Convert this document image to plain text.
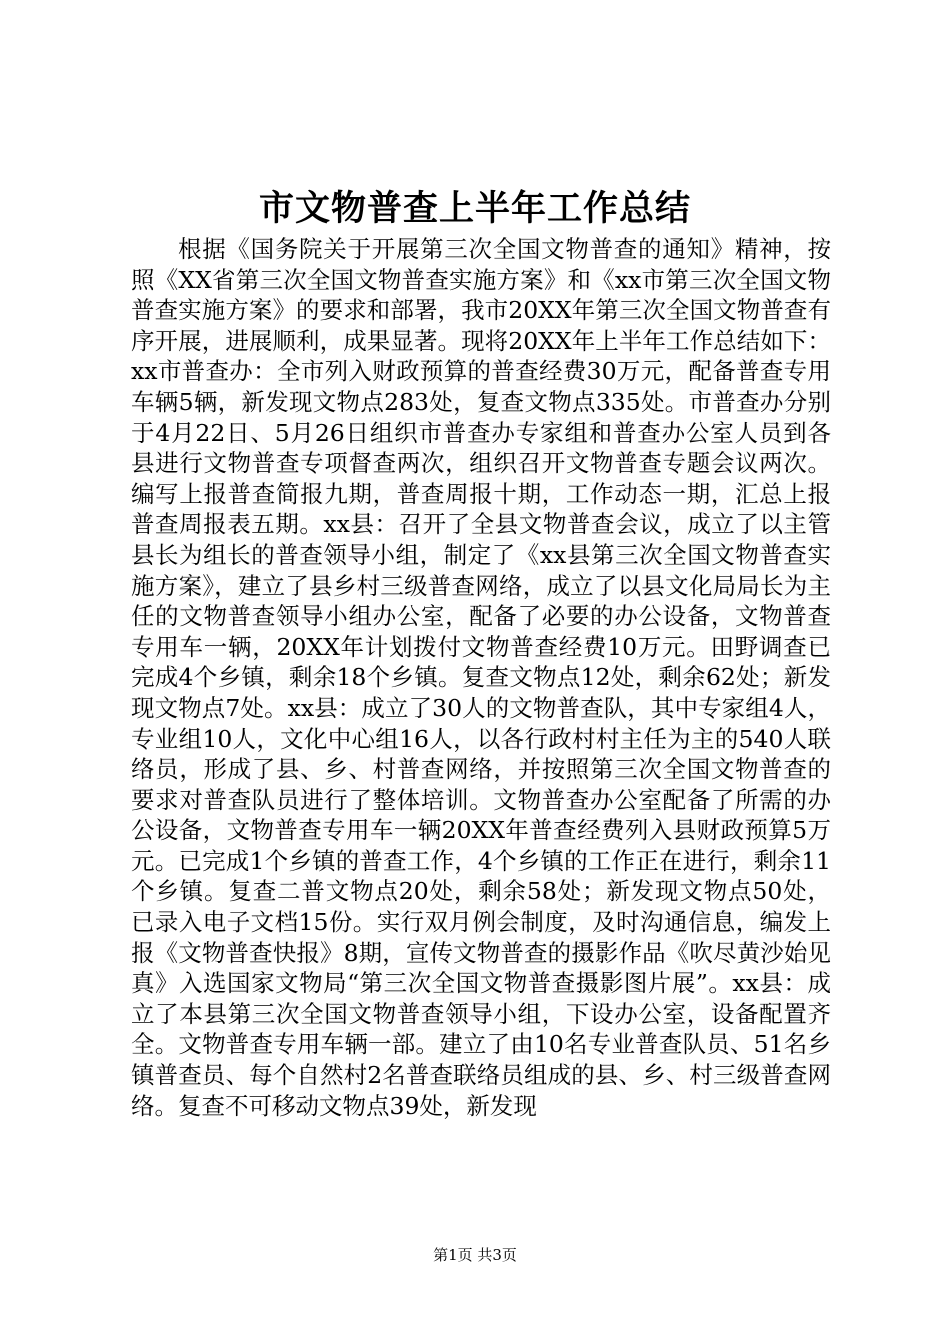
市文物普查上半年工作总结

根据《国务院关于开展第三次全国文物普查的通知》精神，按照《XX省第三次全国文物普查实施方案》和《xx市第三次全国文物普查实施方案》的要求和部署，我市20XX年第三次全国文物普查有序开展，进展顺利，成果显著。现将20XX年上半年工作总结如下：xx市普查办：全市列入财政预算的普查经费30万元，配备普查专用车辆5辆，新发现文物点283处，复查文物点335处。市普查办分别于4月22日、5月26日组织市普查办专家组和普查办公室人员到各县进行文物普查专项督查两次，组织召开文物普查专题会议两次。编写上报普查简报九期，普查周报十期，工作动态一期，汇总上报普查周报表五期。xx县：召开了全县文物普查会议，成立了以主管县长为组长的普查领导小组，制定了《xx县第三次全国文物普查实施方案》，建立了县乡村三级普查网络，成立了以县文化局局长为主任的文物普查领导小组办公室，配备了必要的办公设备，文物普查专用车一辆，20XX年计划拨付文物普查经费10万元。田野调查已完成4个乡镇，剩余18个乡镇。复查文物点12处，剩余62处；新发现文物点7处。xx县：成立了30人的文物普查队，其中专家组4人，专业组10人，文化中心组16人，以各行政村村主任为主的540人联络员，形成了县、乡、村普查网络，并按照第三次全国文物普查的要求对普查队员进行了整体培训。文物普查办公室配备了所需的办公设备，文物普查专用车一辆20XX年普查经费列入县财政预算5万元。已完成1个乡镇的普查工作，4个乡镇的工作正在进行，剩余11个乡镇。复查二普文物点20处，剩余58处；新发现文物点50处，已录入电子文档15份。实行双月例会制度，及时沟通信息，编发上报《文物普查快报》8期，宣传文物普查的摄影作品《吹尽黄沙始见真》入选国家文物局“第三次全国文物普查摄影图片展”。xx县：成立了本县第三次全国文物普查领导小组，下设办公室，设备配置齐全。文物普查专用车辆一部。建立了由10名专业普查队员、51名乡镇普查员、每个自然村2名普查联络员组成的县、乡、村三级普查网络。复查不可移动文物点39处，新发现

第1页 共3页
